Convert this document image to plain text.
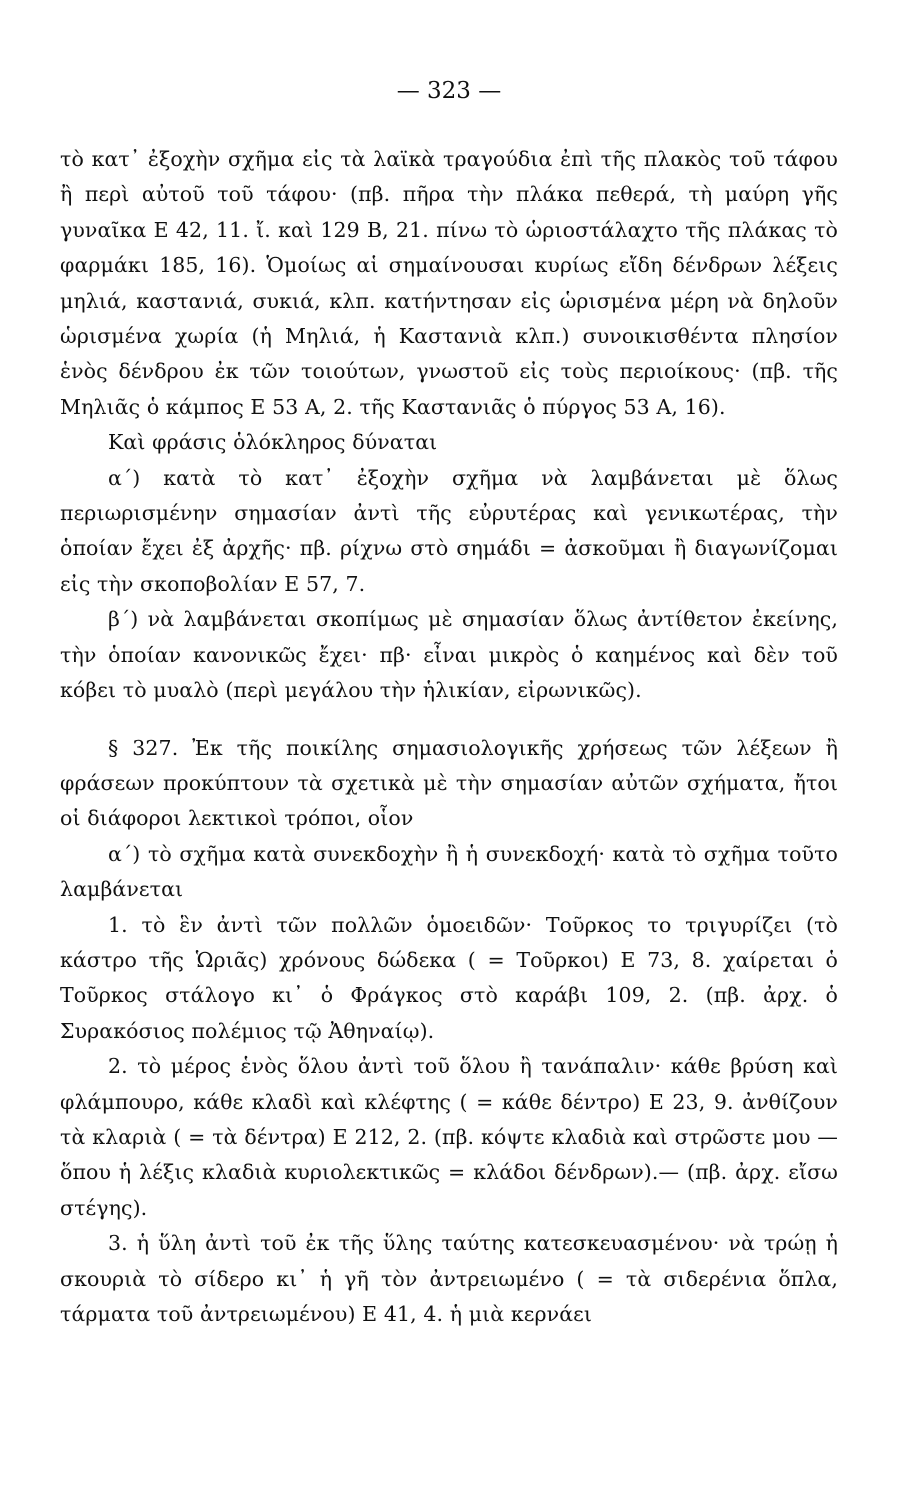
— 323 —

τὸ κατ᾽ ἐξοχὴν σχῆμα εἰς τὰ λαϊκὰ τραγούδια ἐπὶ τῆς πλακὸς τοῦ τάφου ἢ περὶ αὐτοῦ τοῦ τάφου· (πβ. πῆρα τὴν πλάκα πεθερά, τὴ μαύρη γῆς γυναῖκα Ε 42, 11. ἴ. καὶ 129 Β, 21. πίνω τὸ ὡριοστάλαχτο τῆς πλάκας τὸ φαρμάκι 185, 16). Ὁμοίως αἱ σημαίνουσαι κυρίως εἴδη δένδρων λέξεις μηλιά, καστανιά, συκιά, κλπ. κατήντησαν εἰς ὡρισμένα μέρη νὰ δηλοῦν ὡρισμένα χωρία (ἡ Μηλιά, ἡ Καστανιὰ κλπ.) συνοικισθέντα πλησίον ἑνὸς δένδρου ἐκ τῶν τοιούτων, γνωστοῦ εἰς τοὺς περιοίκους· (πβ. τῆς Μηλιᾶς ὁ κάμπος Ε 53 Α, 2. τῆς Καστανιᾶς ὁ πύργος 53 Α, 16).

Καὶ φράσις ὁλόκληρος δύναται

α΄) κατὰ τὸ κατ᾽ ἐξοχὴν σχῆμα νὰ λαμβάνεται μὲ ὅλως περιωρισμένην σημασίαν ἀντὶ τῆς εὐρυτέρας καὶ γενικωτέρας, τὴν ὁποίαν ἔχει ἐξ ἀρχῆς· πβ. ρίχνω στὸ σημάδι = ἀσκοῦμαι ἢ διαγωνίζομαι εἰς τὴν σκοποβολίαν Ε 57, 7.

β΄) νὰ λαμβάνεται σκοπίμως μὲ σημασίαν ὅλως ἀντίθετον ἐκείνης, τὴν ὁποίαν κανονικῶς ἔχει· πβ· εἶναι μικρὸς ὁ καημένος καὶ δὲν τοῦ κόβει τὸ μυαλὸ (περὶ μεγάλου τὴν ἡλικίαν, εἰρωνικῶς).

§ 327. Ἐκ τῆς ποικίλης σημασιολογικῆς χρήσεως τῶν λέξεων ἢ φράσεων προκύπτουν τὰ σχετικὰ μὲ τὴν σημασίαν αὐτῶν σχήματα, ἤτοι οἱ διάφοροι λεκτικοὶ τρόποι, οἷον

α΄) τὸ σχῆμα κατὰ συνεκδοχὴν ἢ ἡ συνεκδοχή· κατὰ τὸ σχῆμα τοῦτο λαμβάνεται

1. τὸ ἓν ἀντὶ τῶν πολλῶν ὁμοειδῶν· Τοῦρκος το τριγυρίζει (τὸ κάστρο τῆς Ὡριᾶς) χρόνους δώδεκα ( = Τοῦρκοι) Ε 73, 8. χαίρεται ὁ Τοῦρκος στάλογο κι᾽ ὁ Φράγκος στὸ καράβι 109, 2. (πβ. ἀρχ. ὁ Συρακόσιος πολέμιος τῷ Ἀθηναίῳ).

2. τὸ μέρος ἑνὸς ὅλου ἀντὶ τοῦ ὅλου ἢ τανάπαλιν· κάθε βρύση καὶ φλάμπουρο, κάθε κλαδὶ καὶ κλέφτης ( = κάθε δέντρο) Ε 23, 9. ἀνθίζουν τὰ κλαριὰ ( = τὰ δέντρα) Ε 212, 2. (πβ. κόψτε κλαδιὰ καὶ στρῶστε μου — ὅπου ἡ λέξις κλαδιὰ κυριολεκτικῶς = κλάδοι δένδρων).— (πβ. ἀρχ. εἴσω στέγης).

3. ἡ ὕλη ἀντὶ τοῦ ἐκ τῆς ὕλης ταύτης κατεσκευασμένου· νὰ τρώῃ ἡ σκουριὰ τὸ σίδερο κι᾽ ἡ γῆ τὸν ἀντρειωμένο ( = τὰ σιδερένια ὅπλα, τάρματα τοῦ ἀντρειωμένου) Ε 41, 4. ἡ μιὰ κερνάει
